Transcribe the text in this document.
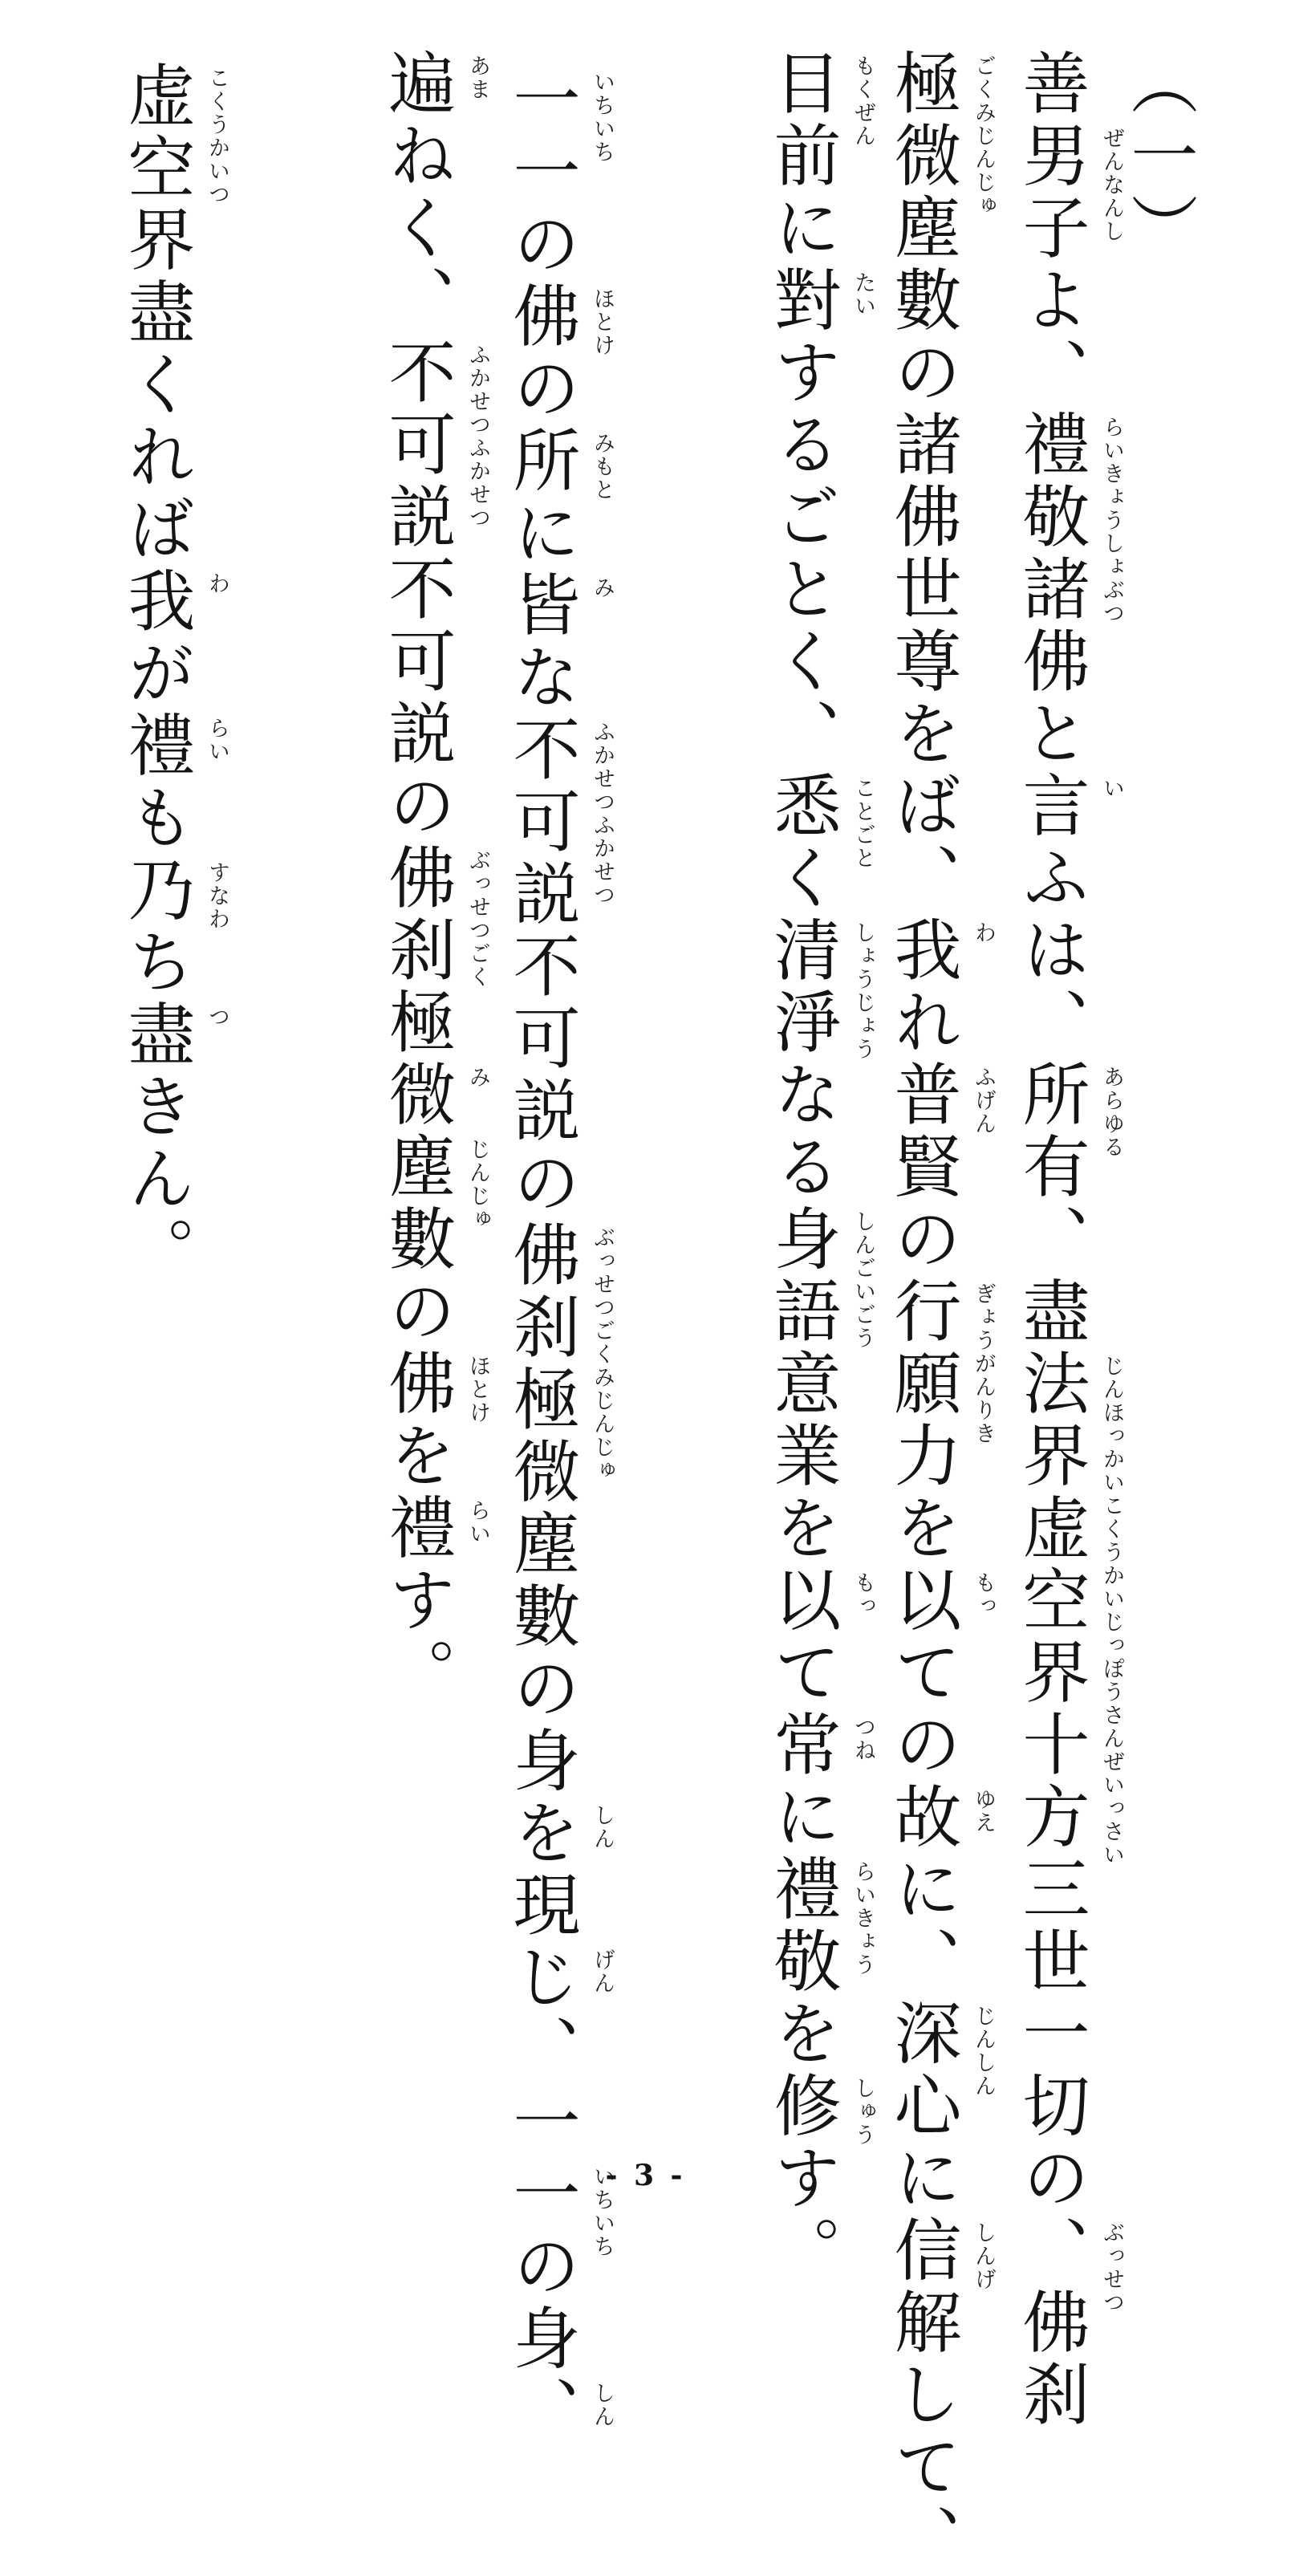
（一）
善男子よ、禮敬諸佛と言ふは、所有、盡法界虚空界十方三世一切の、佛刹 ぜんなんし
らいきょうしょぶつ
い
あらゆる
じんほっかいこくうかいじっぽうさんぜいっさい
ぶっせつ
極微塵數の諸佛世尊をば、我れ普賢の行願力を以ての故に、深心に信解して、 ごくみじんじゅ
わ
ふげん
ぎょうがんりき
もっ
ゆえ
じんしん
しんげ
目前に對するごとく、悉く清淨なる身語意業を以て常に禮敬を修す。 もくぜん
たい
ことごと
しょうじょう
しんごいごう
もっ
つね
らいきょう
しゅう
一一の佛の所に皆な不可説不可説の佛刹極微塵數の身を現じ、一一の身、 いちいち
ほとけ
みもと
み
ふかせつふかせつ
ぶっせつごくみじんじゅ
しん
げん
いちいち
しん
遍ねく、不可説不可説の佛刹極微塵數の佛を禮す。 あま
ふかせつふかせつ
ぶっせつごく
み
じんじゅ
ほとけ
らい
虚空界盡くれば我が禮も乃ち盡きん。 こくうかいつ
わ
らい
すなわ
つ
- 3 -
